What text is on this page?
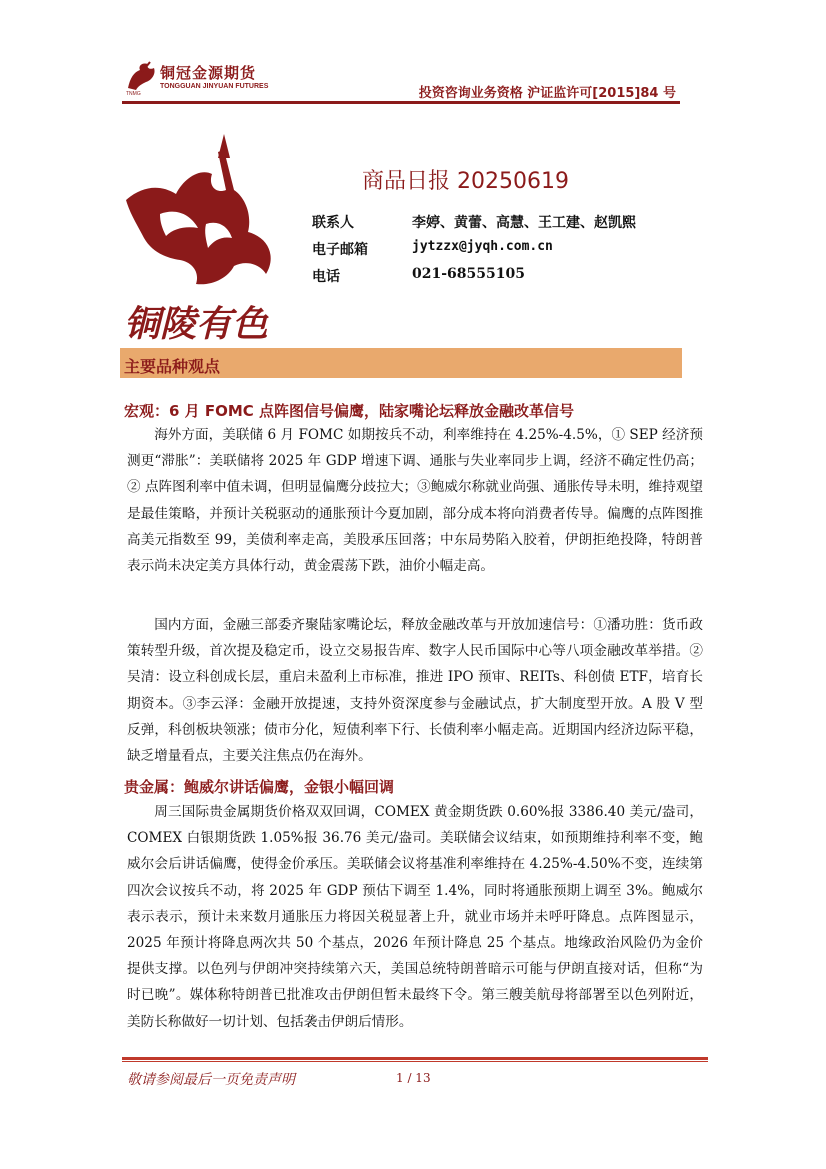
铜冠金源期货
TONGGUAN JINYUAN FUTURES
TNMG	投资咨询业务资格 沪证监许可[2015]84 号
铜陵有色
商品日报 20250619
联系人	李婷、黄蕾、高慧、王工建、赵凯熙
电子邮箱	jytzzx@jyqh.com.cn
电话	021-68555105
主要品种观点
宏观：6 月 FOMC 点阵图信号偏鹰，陆家嘴论坛释放金融改革信号
海外方面，美联储 6 月 FOMC 如期按兵不动，利率维持在 4.25%-4.5%，① SEP 经济预测更“滞胀”：美联储将 2025 年 GDP 增速下调、通胀与失业率同步上调，经济不确定性仍高；② 点阵图利率中值未调，但明显偏鹰分歧拉大；③鲍威尔称就业尚强、通胀传导未明，维持观望是最佳策略，并预计关税驱动的通胀预计今夏加剧，部分成本将向消费者传导。偏鹰的点阵图推高美元指数至 99，美债利率走高，美股承压回落；中东局势陷入胶着，伊朗拒绝投降，特朗普表示尚未决定美方具体行动，黄金震荡下跌，油价小幅走高。
国内方面，金融三部委齐聚陆家嘴论坛，释放金融改革与开放加速信号：①潘功胜：货币政策转型升级，首次提及稳定币，设立交易报告库、数字人民币国际中心等八项金融改革举措。②吴清：设立科创成长层，重启未盈利上市标准，推进 IPO 预审、REITs、科创债 ETF，培育长期资本。③李云泽：金融开放提速，支持外资深度参与金融试点，扩大制度型开放。A 股 V 型反弹，科创板块领涨；债市分化，短债利率下行、长债利率小幅走高。近期国内经济边际平稳，缺乏增量看点，主要关注焦点仍在海外。
贵金属：鲍威尔讲话偏鹰，金银小幅回调
周三国际贵金属期货价格双双回调，COMEX 黄金期货跌 0.60%报 3386.40 美元/盎司，COMEX 白银期货跌 1.05%报 36.76 美元/盎司。美联储会议结束，如预期维持利率不变，鲍威尔会后讲话偏鹰，使得金价承压。美联储会议将基准利率维持在 4.25%-4.50%不变，连续第四次会议按兵不动，将 2025 年 GDP 预估下调至 1.4%，同时将通胀预期上调至 3%。鲍威尔表示表示，预计未来数月通胀压力将因关税显著上升，就业市场并未呼吁降息。点阵图显示，2025 年预计将降息两次共 50 个基点，2026 年预计降息 25 个基点。地缘政治风险仍为金价提供支撑。以色列与伊朗冲突持续第六天，美国总统特朗普暗示可能与伊朗直接对话，但称“为时已晚”。媒体称特朗普已批准攻击伊朗但暂未最终下令。第三艘美航母将部署至以色列附近，美防长称做好一切计划、包括袭击伊朗后情形。
敬请参阅最后一页免责声明	1 / 13
